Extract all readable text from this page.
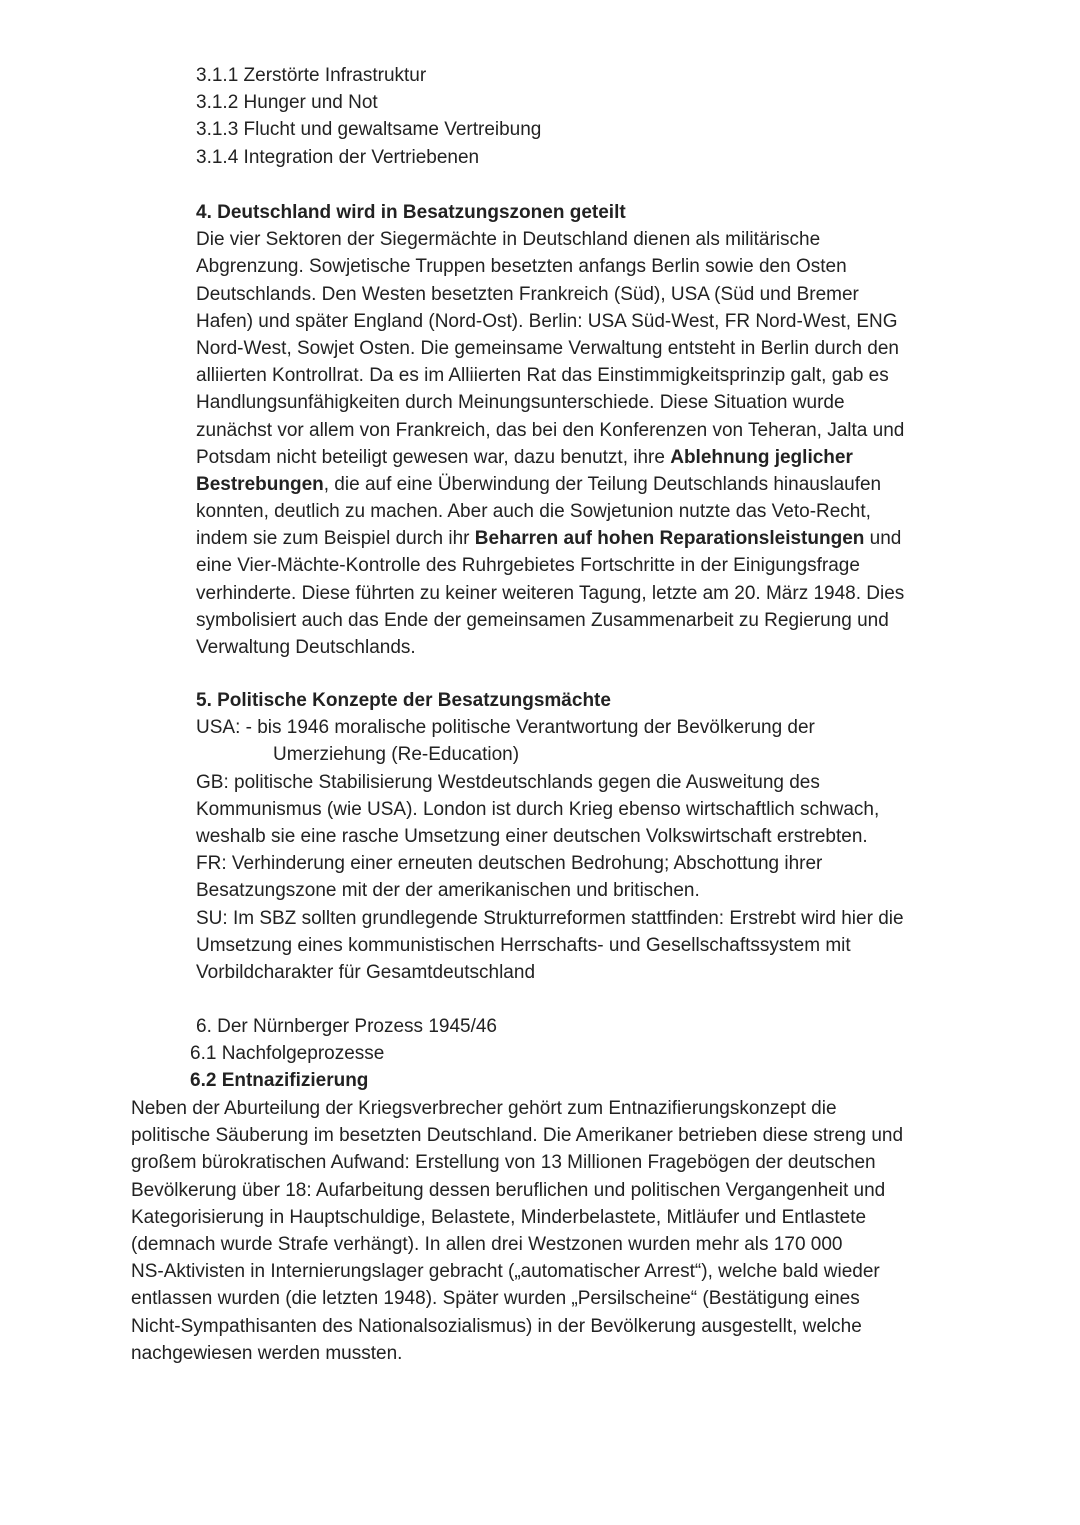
3.1.1 Zerstörte Infrastruktur
3.1.2 Hunger und Not
3.1.3 Flucht und gewaltsame Vertreibung
3.1.4 Integration der Vertriebenen
4. Deutschland wird in Besatzungszonen geteilt
Die vier Sektoren der Siegermächte in Deutschland dienen als militärische
Abgrenzung. Sowjetische Truppen besetzten anfangs Berlin sowie den Osten
Deutschlands. Den Westen besetzten Frankreich (Süd), USA (Süd und Bremer
Hafen) und später England (Nord-Ost). Berlin: USA Süd-West, FR Nord-West, ENG
Nord-West, Sowjet Osten. Die gemeinsame Verwaltung entsteht in Berlin durch den
alliierten Kontrollrat. Da es im Alliierten Rat das Einstimmigkeitsprinzip galt, gab es
Handlungsunfähigkeiten durch Meinungsunterschiede. Diese Situation wurde
zunächst vor allem von Frankreich, das bei den Konferenzen von Teheran, Jalta und
Potsdam nicht beteiligt gewesen war, dazu benutzt, ihre Ablehnung jeglicher
Bestrebungen, die auf eine Überwindung der Teilung Deutschlands hinauslaufen
konnten, deutlich zu machen. Aber auch die Sowjetunion nutzte das Veto-Recht,
indem sie zum Beispiel durch ihr Beharren auf hohen Reparationsleistungen und
eine Vier-Mächte-Kontrolle des Ruhrgebietes Fortschritte in der Einigungsfrage
verhinderte. Diese führten zu keiner weiteren Tagung, letzte am 20. März 1948. Dies
symbolisiert auch das Ende der gemeinsamen Zusammenarbeit zu Regierung und
Verwaltung Deutschlands.
5. Politische Konzepte der Besatzungsmächte
USA: - bis 1946 moralische politische Verantwortung der Bevölkerung der
Umerziehung (Re-Education)
GB: politische Stabilisierung Westdeutschlands gegen die Ausweitung des
Kommunismus (wie USA). London ist durch Krieg ebenso wirtschaftlich schwach,
weshalb sie eine rasche Umsetzung einer deutschen Volkswirtschaft erstrebten.
FR: Verhinderung einer erneuten deutschen Bedrohung; Abschottung ihrer
Besatzungszone mit der der amerikanischen und britischen.
SU: Im SBZ sollten grundlegende Strukturreformen stattfinden: Erstrebt wird hier die
Umsetzung eines kommunistischen Herrschafts- und Gesellschaftssystem mit
Vorbildcharakter für Gesamtdeutschland
6. Der Nürnberger Prozess 1945/46
6.1 Nachfolgeprozesse
6.2 Entnazifizierung
Neben der Aburteilung der Kriegsverbrecher gehört zum Entnazifierungskonzept die
politische Säuberung im besetzten Deutschland. Die Amerikaner betrieben diese streng und
großem bürokratischen Aufwand: Erstellung von 13 Millionen Fragebögen der deutschen
Bevölkerung über 18: Aufarbeitung dessen beruflichen und politischen Vergangenheit und
Kategorisierung in Hauptschuldige, Belastete, Minderbelastete, Mitläufer und Entlastete
(demnach wurde Strafe verhängt). In allen drei Westzonen wurden mehr als 170 000
NS-Aktivisten in Internierungslager gebracht („automatischer Arrest“), welche bald wieder
entlassen wurden (die letzten 1948). Später wurden „Persilscheine“ (Bestätigung eines
Nicht-Sympathisanten des Nationalsozialismus) in der Bevölkerung ausgestellt, welche
nachgewiesen werden mussten.
